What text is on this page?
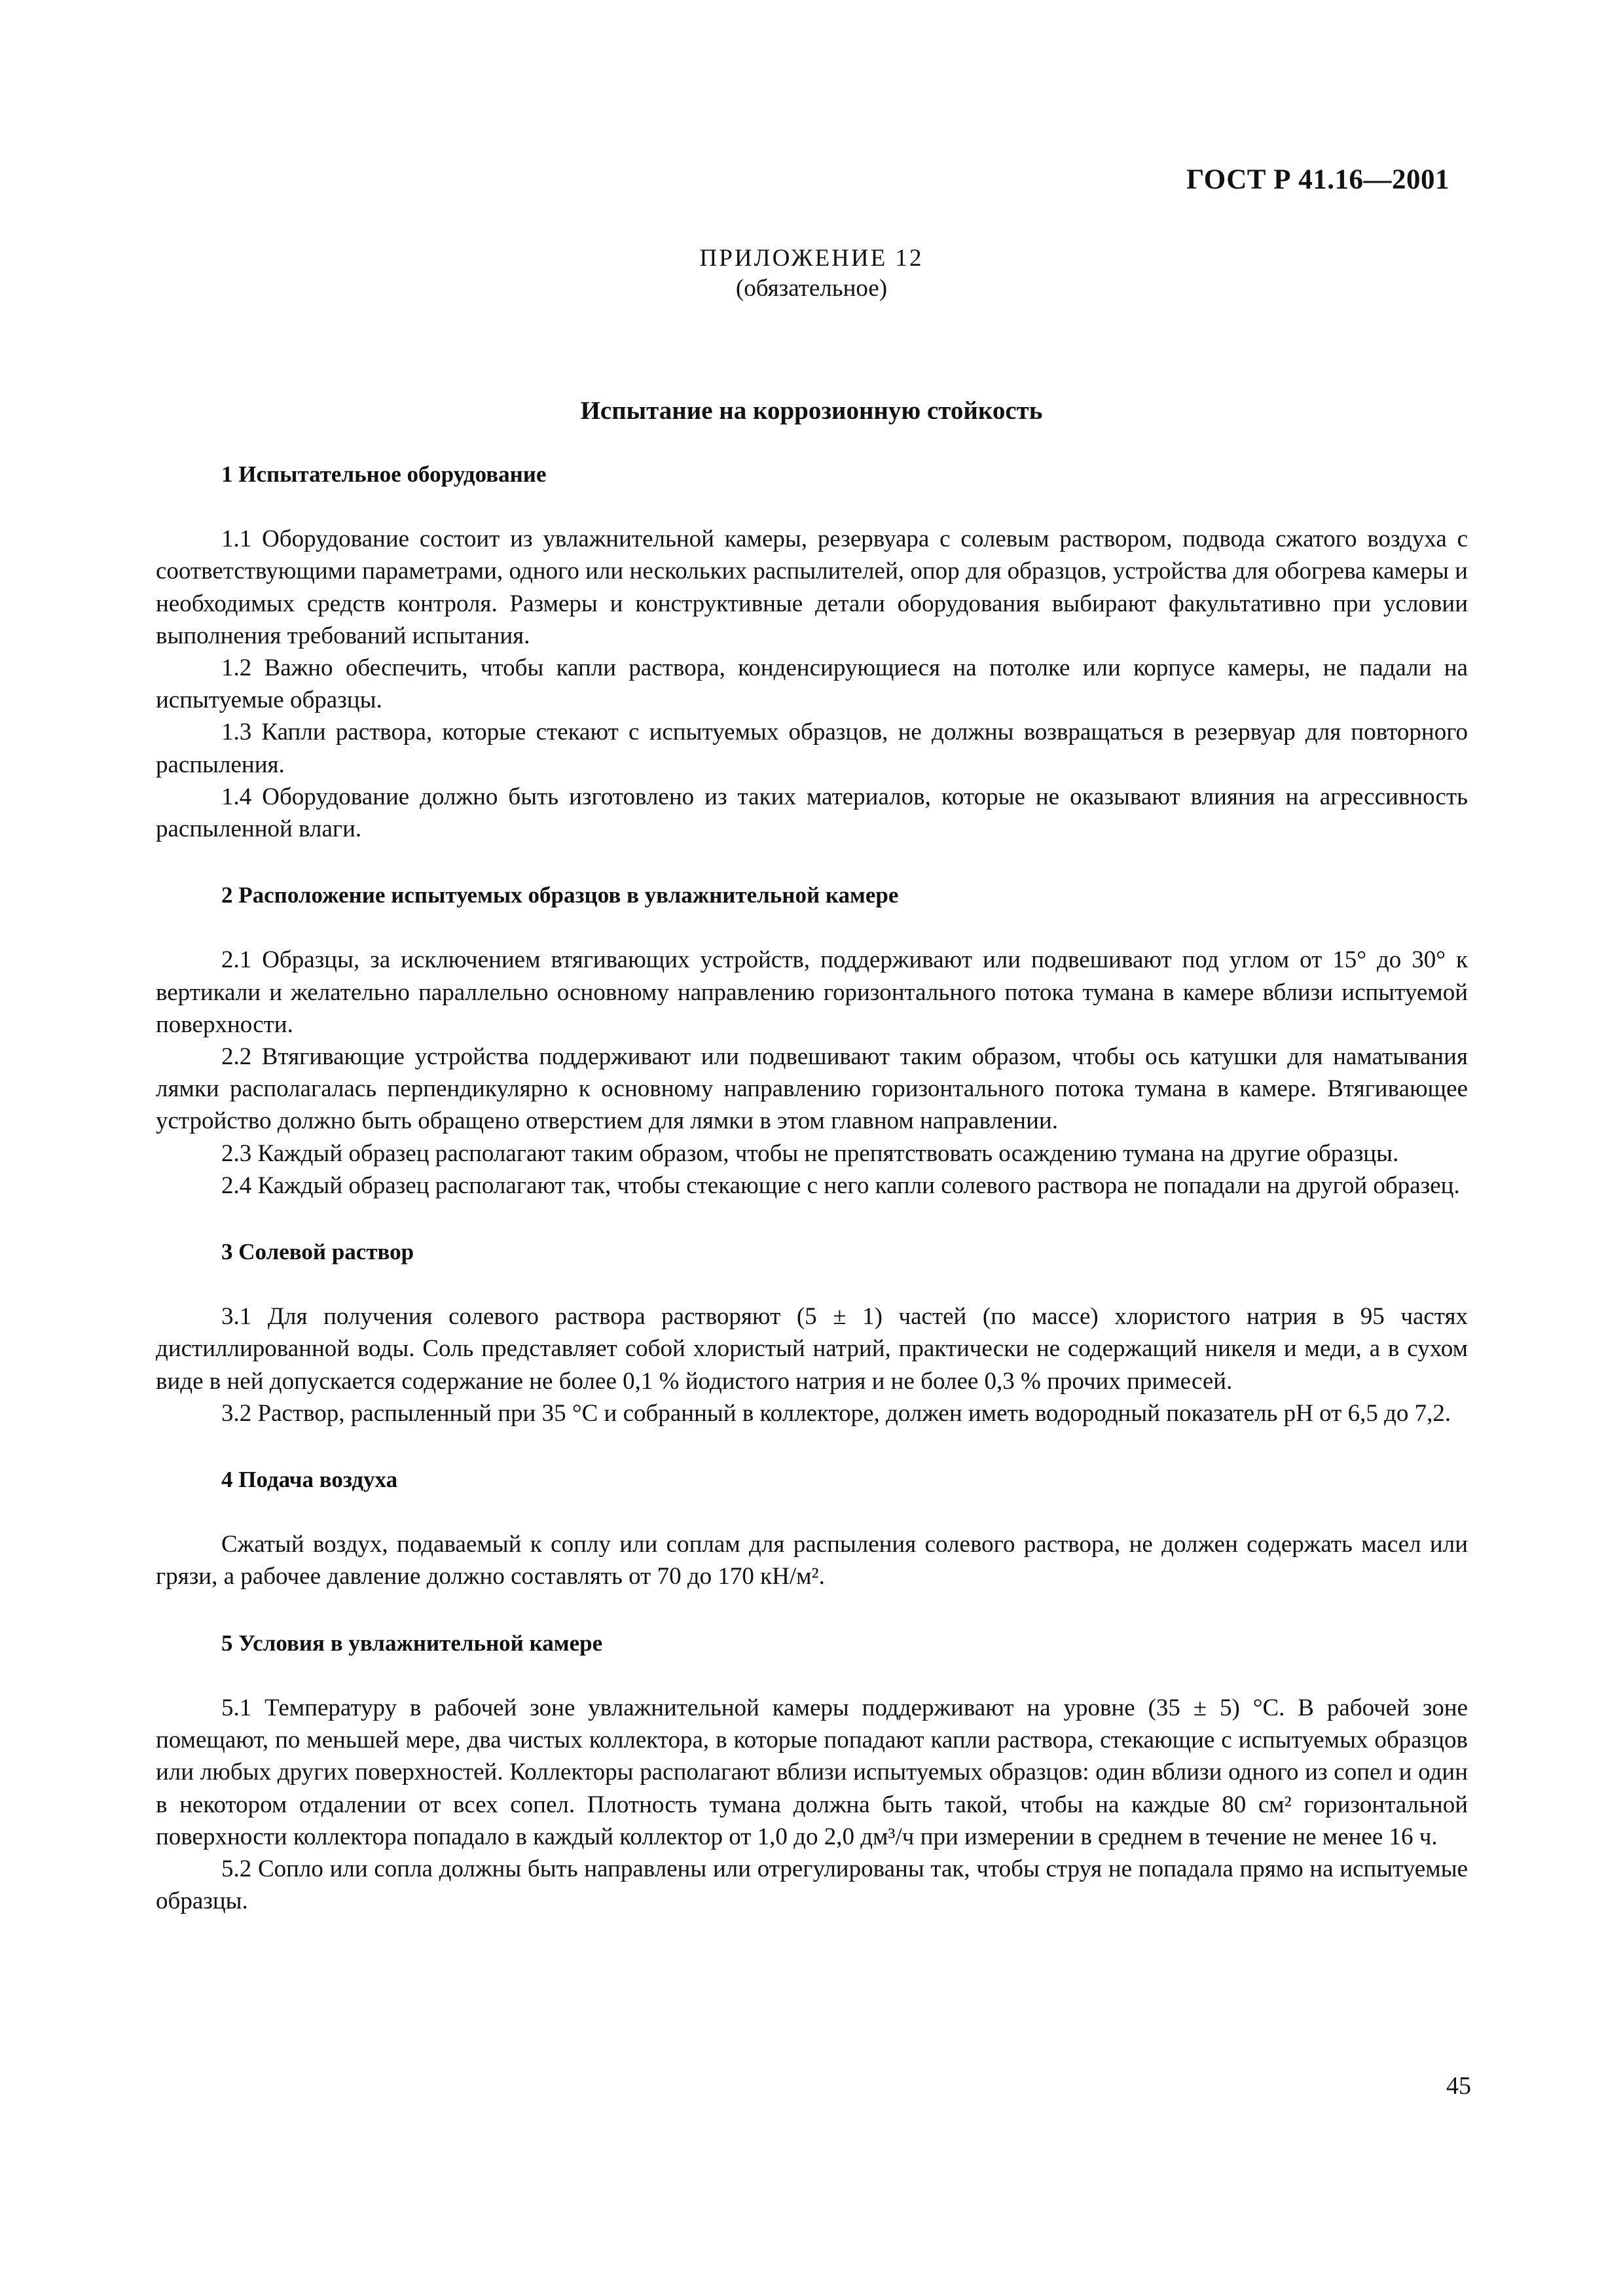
ГОСТ Р 41.16—2001
ПРИЛОЖЕНИЕ 12
(обязательное)
Испытание на коррозионную стойкость

1 Испытательное оборудование

1.1 Оборудование состоит из увлажнительной камеры, резервуара с солевым раствором, подвода сжатого воздуха с соответствующими параметрами, одного или нескольких распылителей, опор для образцов, устройства для обогрева камеры и необходимых средств контроля. Размеры и конструктивные детали оборудования выбирают факультативно при условии выполнения требований испытания.

1.2 Важно обеспечить, чтобы капли раствора, конденсирующиеся на потолке или корпусе камеры, не падали на испытуемые образцы.

1.3 Капли раствора, которые стекают с испытуемых образцов, не должны возвращаться в резервуар для повторного распыления.

1.4 Оборудование должно быть изготовлено из таких материалов, которые не оказывают влияния на агрессивность распыленной влаги.

2 Расположение испытуемых образцов в увлажнительной камере

2.1 Образцы, за исключением втягивающих устройств, поддерживают или подвешивают под углом от 15° до 30° к вертикали и желательно параллельно основному направлению горизонтального потока тумана в камере вблизи испытуемой поверхности.

2.2 Втягивающие устройства поддерживают или подвешивают таким образом, чтобы ось катушки для наматывания лямки располагалась перпендикулярно к основному направлению горизонтального потока тумана в камере. Втягивающее устройство должно быть обращено отверстием для лямки в этом главном направлении.

2.3 Каждый образец располагают таким образом, чтобы не препятствовать осаждению тумана на другие образцы.

2.4 Каждый образец располагают так, чтобы стекающие с него капли солевого раствора не попадали на другой образец.

3 Солевой раствор

3.1 Для получения солевого раствора растворяют (5 ± 1) частей (по массе) хлористого натрия в 95 частях дистиллированной воды. Соль представляет собой хлористый натрий, практически не содержащий никеля и меди, а в сухом виде в ней допускается содержание не более 0,1 % йодистого натрия и не более 0,3 % прочих примесей.

3.2 Раствор, распыленный при 35 °С и собранный в коллекторе, должен иметь водородный показатель рН от 6,5 до 7,2.

4 Подача воздуха

Сжатый воздух, подаваемый к соплу или соплам для распыления солевого раствора, не должен содержать масел или грязи, а рабочее давление должно составлять от 70 до 170 кН/м².

5 Условия в увлажнительной камере

5.1 Температуру в рабочей зоне увлажнительной камеры поддерживают на уровне (35 ± 5) °С. В рабочей зоне помещают, по меньшей мере, два чистых коллектора, в которые попадают капли раствора, стекающие с испытуемых образцов или любых других поверхностей. Коллекторы располагают вблизи испытуемых образцов: один вблизи одного из сопел и один в некотором отдалении от всех сопел. Плотность тумана должна быть такой, чтобы на каждые 80 см² горизонтальной поверхности коллектора попадало в каждый коллектор от 1,0 до 2,0 дм³/ч при измерении в среднем в течение не менее 16 ч.

5.2 Сопло или сопла должны быть направлены или отрегулированы так, чтобы струя не попадала прямо на испытуемые образцы.

45
